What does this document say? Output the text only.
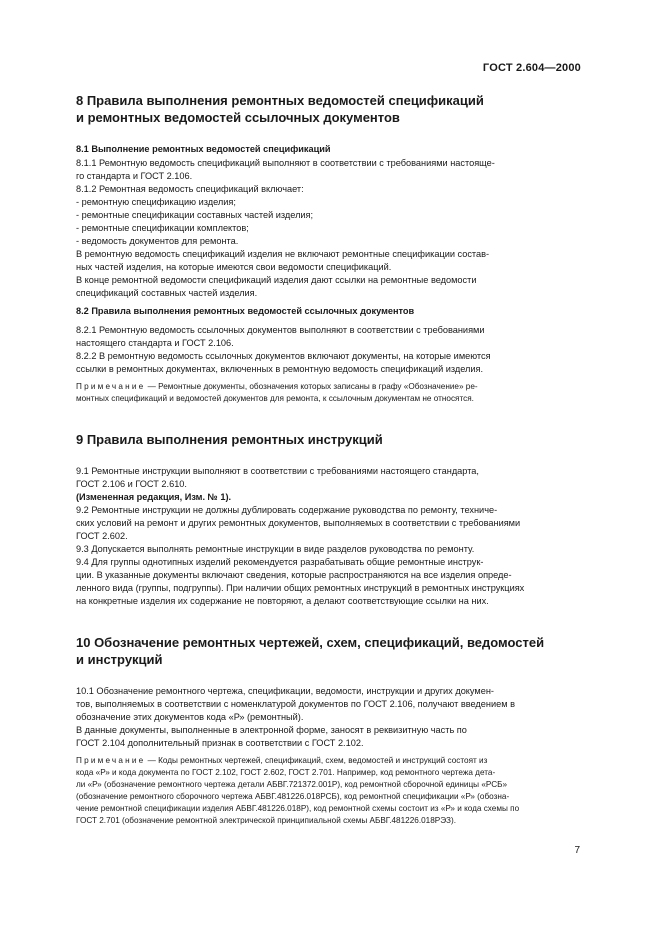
ГОСТ 2.604—2000
8 Правила выполнения ремонтных ведомостей спецификаций
и ремонтных ведомостей ссылочных документов
8.1 Выполнение ремонтных ведомостей спецификаций

8.1.1 Ремонтную ведомость спецификаций выполняют в соответствии с требованиями настояще-
го стандарта и ГОСТ 2.106.

8.1.2 Ремонтная ведомость спецификаций включает:

- ремонтную спецификацию изделия;

- ремонтные спецификации составных частей изделия;

- ремонтные спецификации комплектов;

- ведомость документов для ремонта.

В ремонтную ведомость спецификаций изделия не включают ремонтные спецификации состав-
ных частей изделия, на которые имеются свои ведомости спецификаций.

В конце ремонтной ведомости спецификаций изделия дают ссылки на ремонтные ведомости
спецификаций составных частей изделия.

8.2 Правила выполнения ремонтных ведомостей ссылочных документов

8.2.1 Ремонтную ведомость ссылочных документов выполняют в соответствии с требованиями
настоящего стандарта и ГОСТ 2.106.

8.2.2 В ремонтную ведомость ссылочных документов включают документы, на которые имеются
ссылки в ремонтных документах, включенных в ремонтную ведомость спецификаций изделия.

Примечание — Ремонтные документы, обозначения которых записаны в графу «Обозначение» ре-
монтных спецификаций и ведомостей документов для ремонта, к ссылочным документам не относятся.

9 Правила выполнения ремонтных инструкций

9.1 Ремонтные инструкции выполняют в соответствии с требованиями настоящего стандарта,
ГОСТ 2.106 и ГОСТ 2.610.

(Измененная редакция, Изм. № 1).

9.2 Ремонтные инструкции не должны дублировать содержание руководства по ремонту, техниче-
ских условий на ремонт и других ремонтных документов, выполняемых в соответствии с требованиями
ГОСТ 2.602.

9.3 Допускается выполнять ремонтные инструкции в виде разделов руководства по ремонту.

9.4 Для группы однотипных изделий рекомендуется разрабатывать общие ремонтные инструк-
ции. В указанные документы включают сведения, которые распространяются на все изделия опреде-
ленного вида (группы, подгруппы). При наличии общих ремонтных инструкций в ремонтных инструкциях
на конкретные изделия их содержание не повторяют, а делают соответствующие ссылки на них.

10 Обозначение ремонтных чертежей, схем, спецификаций, ведомостей
и инструкций

10.1 Обозначение ремонтного чертежа, спецификации, ведомости, инструкции и других докумен-
тов, выполняемых в соответствии с номенклатурой документов по ГОСТ 2.106, получают введением в
обозначение этих документов кода «Р» (ремонтный).

В данные документы, выполненные в электронной форме, заносят в реквизитную часть по
ГОСТ 2.104 дополнительный признак в соответствии с ГОСТ 2.102.

Примечание — Коды ремонтных чертежей, спецификаций, схем, ведомостей и инструкций состоят из
кода «Р» и кода документа по ГОСТ 2.102, ГОСТ 2.602, ГОСТ 2.701. Например, код ремонтного чертежа дета-
ли «Р» (обозначение ремонтного чертежа детали АБВГ.721372.001Р), код ремонтной сборочной единицы «РСБ»
(обозначение ремонтного сборочного чертежа АБВГ.481226.018РСБ), код ремонтной спецификации «Р» (обозна-
чение ремонтной спецификации изделия АБВГ.481226.018Р), код ремонтной схемы состоит из «Р» и кода схемы по
ГОСТ 2.701 (обозначение ремонтной электрической принципиальной схемы АБВГ.481226.018РЭЗ).

7
